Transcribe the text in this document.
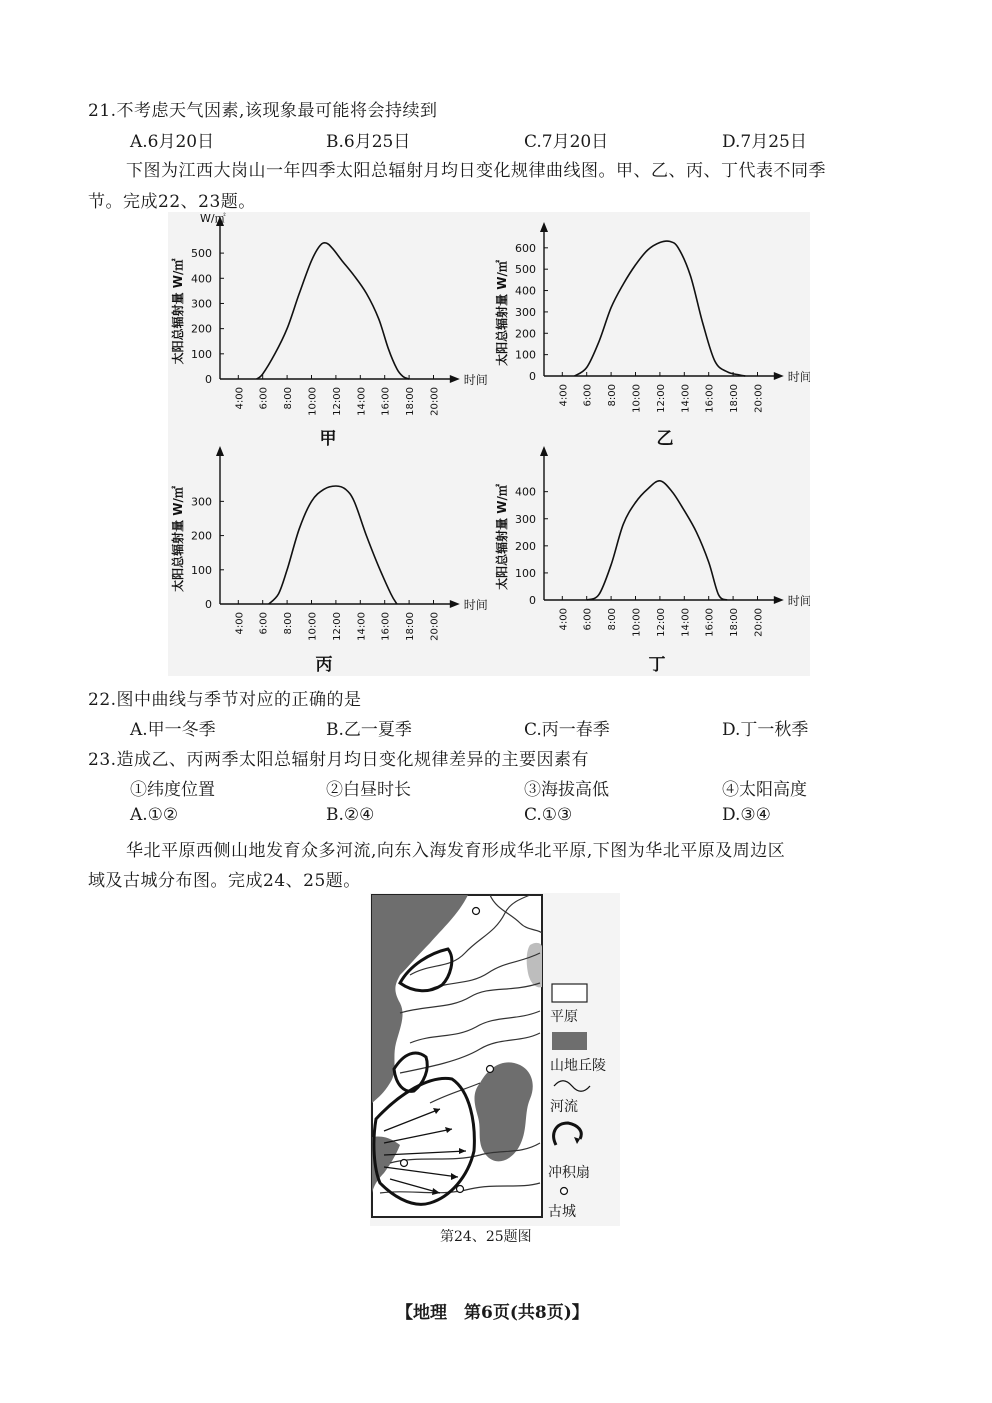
21.不考虑天气因素,该现象最可能将会持续到
A.6月20日	B.6月25日	C.7月20日	D.7月25日
下图为江西大岗山一年四季太阳总辐射月均日变化规律曲线图。甲、乙、丙、丁代表不同季
节。完成22、23题。
0
100
200
300
400
500
4:00 6:00 8:00 10:00 12:00 14:00 16:00 18:00 20:00
时间
太阳总辐射量 W/㎡
W/㎡
甲
0
100
200
300
400
500
600
4:00 6:00 8:00 10:00 12:00 14:00 16:00 18:00 20:00
时间
太阳总辐射量 W/㎡
乙
0
100
200
300
4:00 6:00 8:00 10:00 12:00 14:00 16:00 18:00 20:00
时间
太阳总辐射量 W/㎡
丙
0
100
200
300
400
4:00 6:00 8:00 10:00 12:00 14:00 16:00 18:00 20:00
时间
太阳总辐射量 W/㎡
丁
22.图中曲线与季节对应的正确的是
A.甲一冬季	B.乙一夏季	C.丙一春季	D.丁一秋季
23.造成乙、丙两季太阳总辐射月均日变化规律差异的主要因素有
①纬度位置	②白昼时长	③海拔高低	④太阳高度
A.①②	B.②④	C.①③	D.③④
华北平原西侧山地发育众多河流,向东入海发育形成华北平原,下图为华北平原及周边区
域及古城分布图。完成24、25题。
平原
山地丘陵
河流
冲积扇
古城
第24、25题图
【地理　第6页(共8页)】
